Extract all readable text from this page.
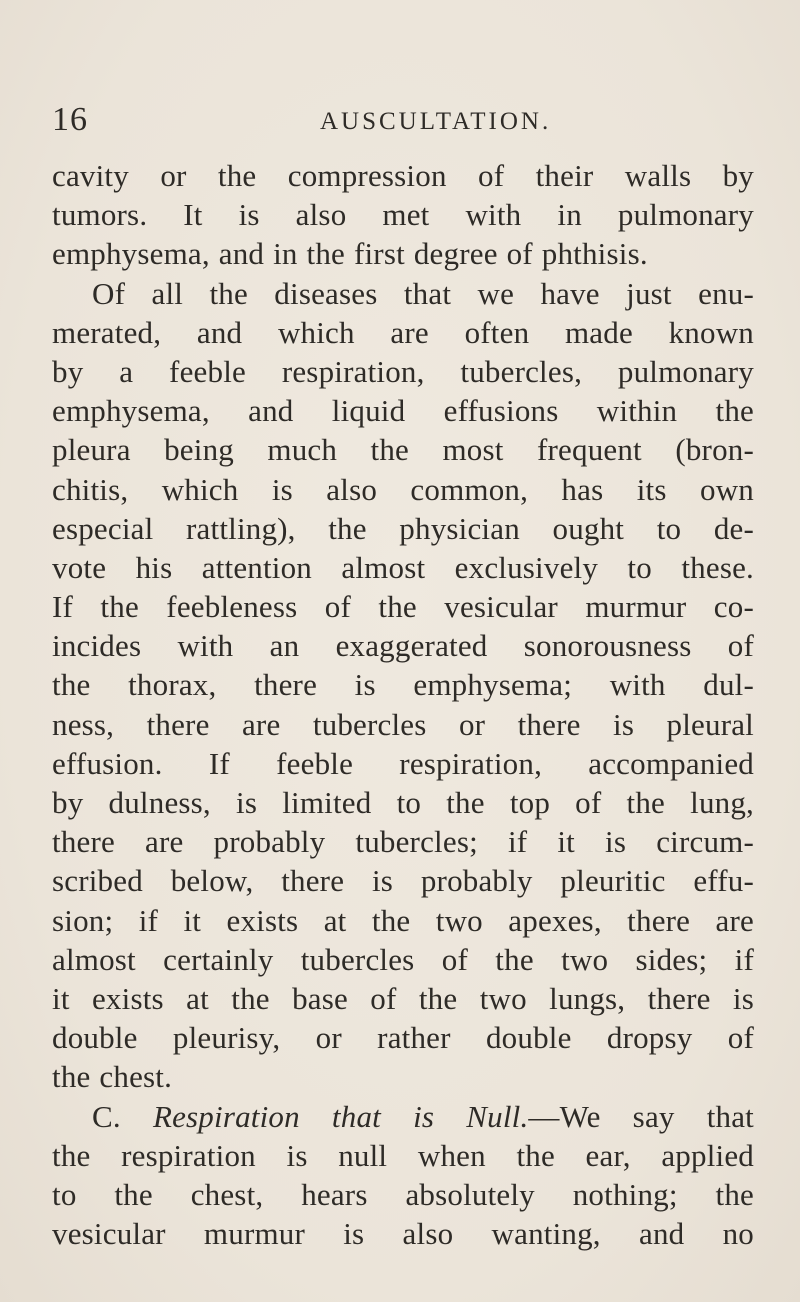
16	AUSCULTATION.
cavity or the compression of their walls by
tumors. It is also met with in pulmonary
emphysema, and in the first degree of phthisis.
Of all the diseases that we have just enu-
merated, and which are often made known
by a feeble respiration, tubercles, pulmonary
emphysema, and liquid effusions within the
pleura being much the most frequent (bron-
chitis, which is also common, has its own
especial rattling), the physician ought to de-
vote his attention almost exclusively to these.
If the feebleness of the vesicular murmur co-
incides with an exaggerated sonorousness of
the thorax, there is emphysema; with dul-
ness, there are tubercles or there is pleural
effusion. If feeble respiration, accompanied
by dulness, is limited to the top of the lung,
there are probably tubercles; if it is circum-
scribed below, there is probably pleuritic effu-
sion; if it exists at the two apexes, there are
almost certainly tubercles of the two sides; if
it exists at the base of the two lungs, there is
double pleurisy, or rather double dropsy of
the chest.
C. Respiration that is Null.—We say that
the respiration is null when the ear, applied
to the chest, hears absolutely nothing; the
vesicular murmur is also wanting, and no
